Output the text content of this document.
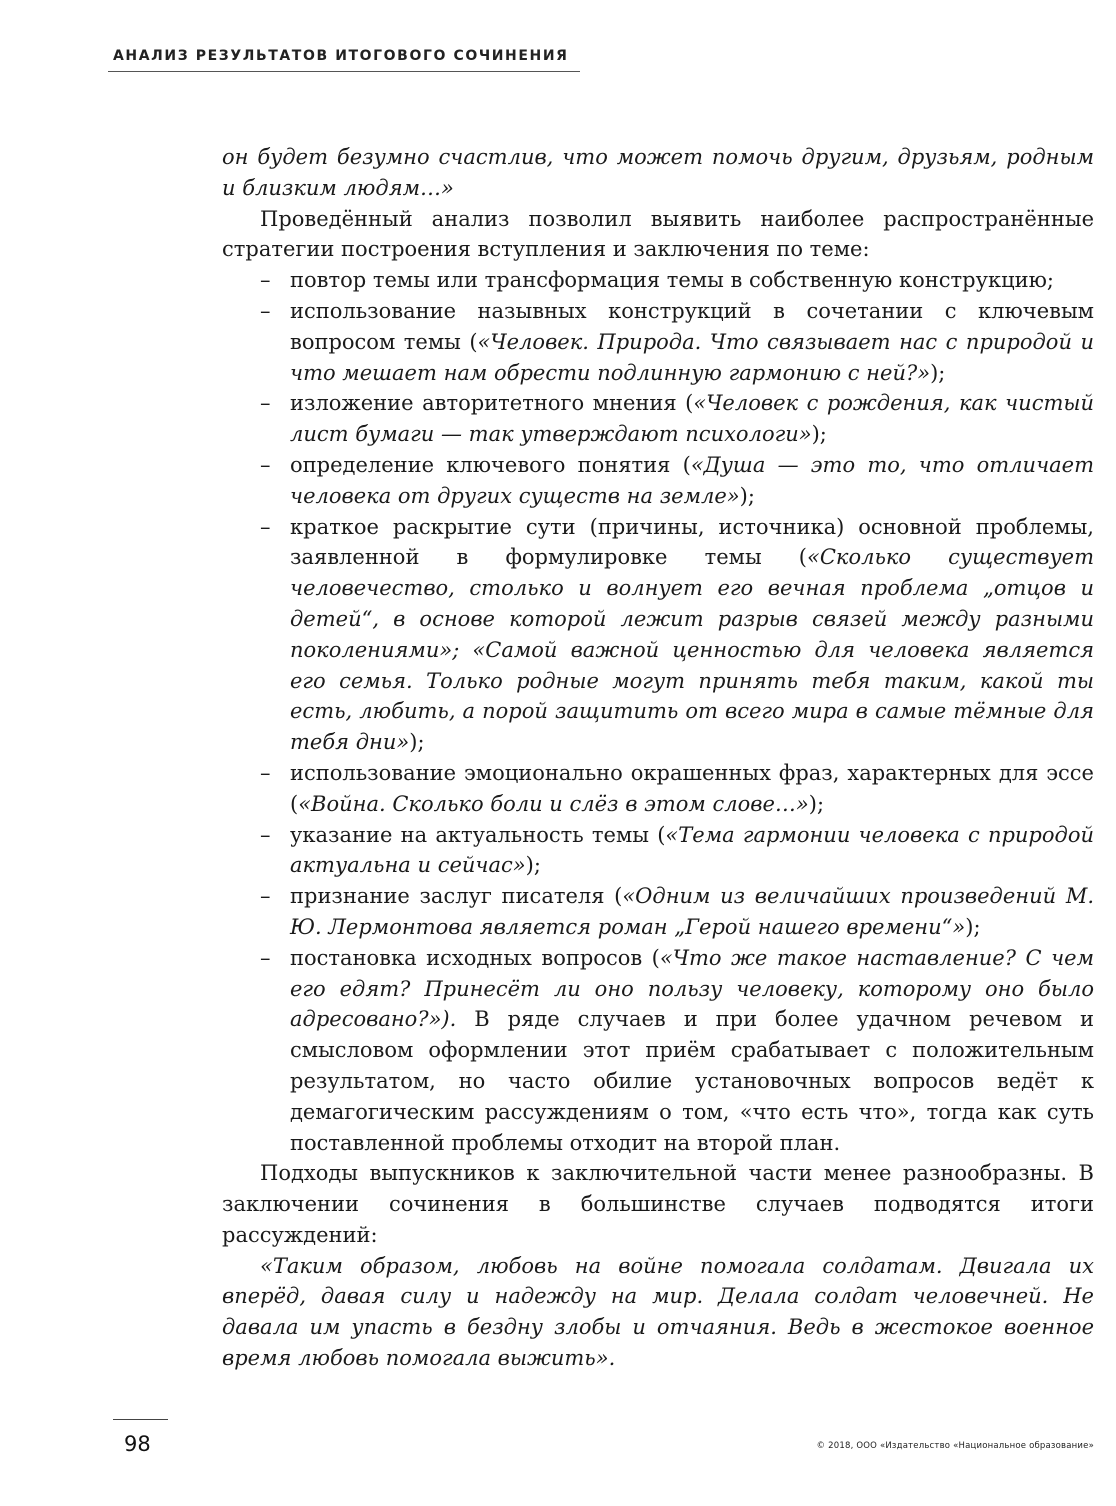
АНАЛИЗ РЕЗУЛЬТАТОВ ИТОГОВОГО СОЧИНЕНИЯ

он будет безумно счастлив, что может помочь другим, друзьям, родным и близким людям…»

Проведённый анализ позволил выявить наиболее распространённые стратегии построения вступления и заключения по теме:

– повтор темы или трансформация темы в собственную конструкцию;
– использование назывных конструкций в сочетании с ключевым вопросом темы («Человек. Природа. Что связывает нас с природой и что мешает нам обрести подлинную гармонию с ней?»);
– изложение авторитетного мнения («Человек с рождения, как чистый лист бумаги — так утверждают психологи»);
– определение ключевого понятия («Душа — это то, что отличает человека от других существ на земле»);
– краткое раскрытие сути (причины, источника) основной проблемы, заявленной в формулировке темы («Сколько существует человечество, столько и волнует его вечная проблема „отцов и детей“, в основе которой лежит разрыв связей между разными поколениями»; «Самой важной ценностью для человека является его семья. Только родные могут принять тебя таким, какой ты есть, любить, а порой защитить от всего мира в самые тёмные для тебя дни»);
– использование эмоционально окрашенных фраз, характерных для эссе («Война. Сколько боли и слёз в этом слове…»);
– указание на актуальность темы («Тема гармонии человека с природой актуальна и сейчас»);
– признание заслуг писателя («Одним из величайших произведений М. Ю. Лермонтова является роман „Герой нашего времени“»);
– постановка исходных вопросов («Что же такое наставление? С чем его едят? Принесёт ли оно пользу человеку, которому оно было адресовано?»). В ряде случаев и при более удачном речевом и смысловом оформлении этот приём срабатывает с положительным результатом, но часто обилие установочных вопросов ведёт к демагогическим рассуждениям о том, «что есть что», тогда как суть поставленной проблемы отходит на второй план.

Подходы выпускников к заключительной части менее разнообразны. В заключении сочинения в большинстве случаев подводятся итоги рассуждений:

«Таким образом, любовь на войне помогала солдатам. Двигала их вперёд, давая силу и надежду на мир. Делала солдат человечней. Не давала им упасть в бездну злобы и отчаяния. Ведь в жестокое военное время любовь помогала выжить».

98	© 2018, ООО «Издательство «Национальное образование»
